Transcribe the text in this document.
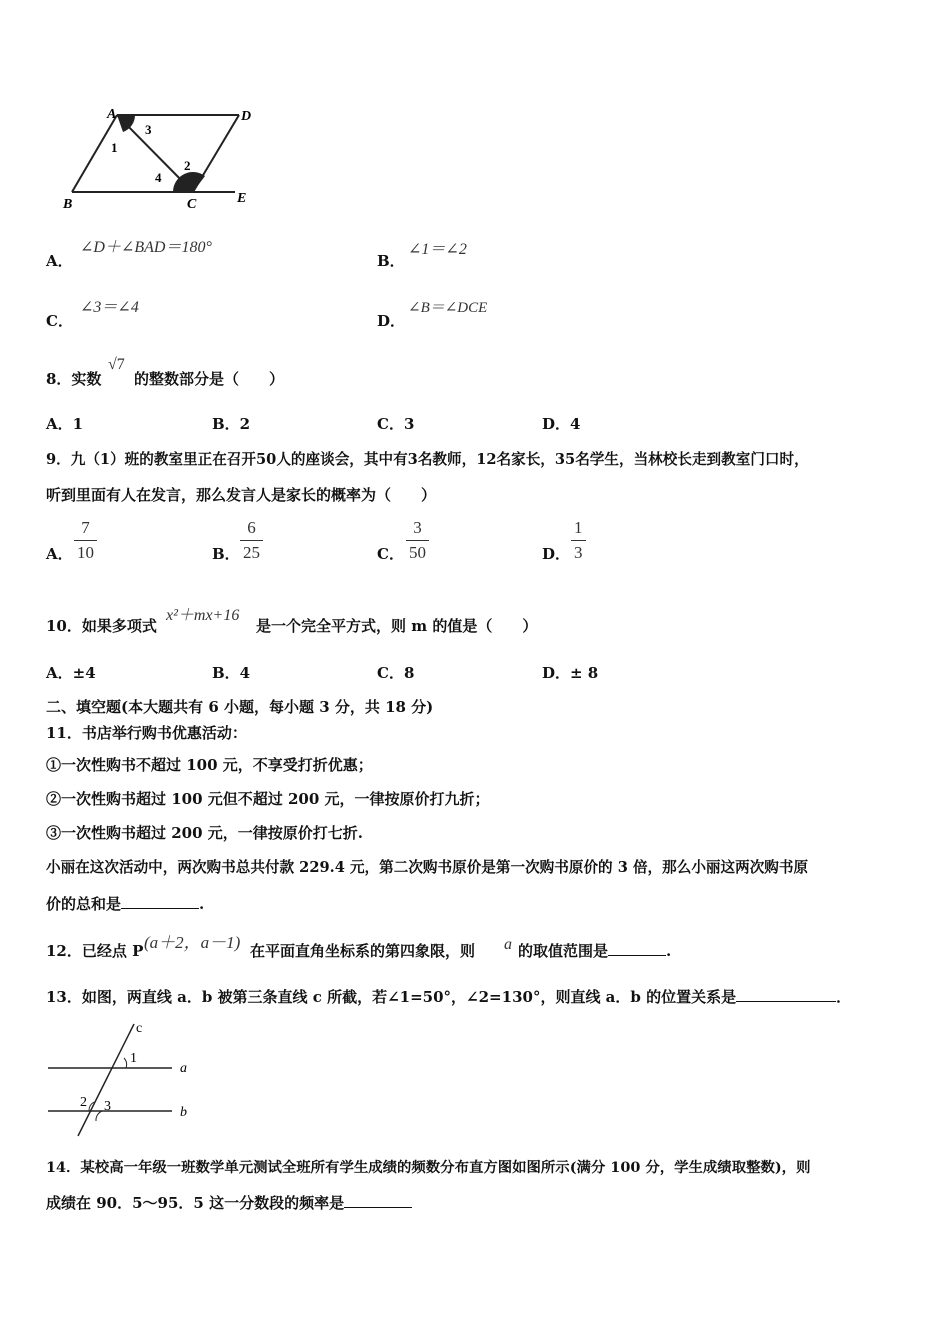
A	D
B	C	E
1
2
3
4
A．
∠D＋∠BAD＝180°
B．
∠1＝∠2
C．
∠3＝∠4
D．
∠B＝∠DCE
8．实数
√7
的整数部分是（　　）
A．1	B．2	C．3	D．4
9．九（1）班的教室里正在召开50人的座谈会，其中有3名教师，12名家长，35名学生，当林校长走到教室门口时，
听到里面有人在发言，那么发言人是家长的概率为（　　）
A．
7
10	B．
6
25	C．
3
50	D．
1
3
10．如果多项式
x²＋mx+16
是一个完全平方式，则 m 的值是（　　）
A．±4	B．4	C．8	D．± 8
二、填空题(本大题共有 6 小题，每小题 3 分，共 18 分)
11．书店举行购书优惠活动：
①一次性购书不超过 100 元，不享受打折优惠；
②一次性购书超过 100 元但不超过 200 元，一律按原价打九折；
③一次性购书超过 200 元，一律按原价打七折.
小丽在这次活动中，两次购书总共付款 229.4 元，第二次购书原价是第一次购书原价的 3 倍，那么小丽这两次购书原
价的总和是	.
12．已经点 P (a＋2，a－1) 在平面直角坐标系的第四象限，则 a 的取值范围是	.
13．如图，两直线 a．b 被第三条直线 c 所截，若∠1=50°，∠2=130°，则直线 a．b 的位置关系是	．
c
1
2 3
a
b
14．某校高一年级一班数学单元测试全班所有学生成绩的频数分布直方图如图所示(满分 100 分，学生成绩取整数)，则
成绩在 90．5～95．5 这一分数段的频率是
